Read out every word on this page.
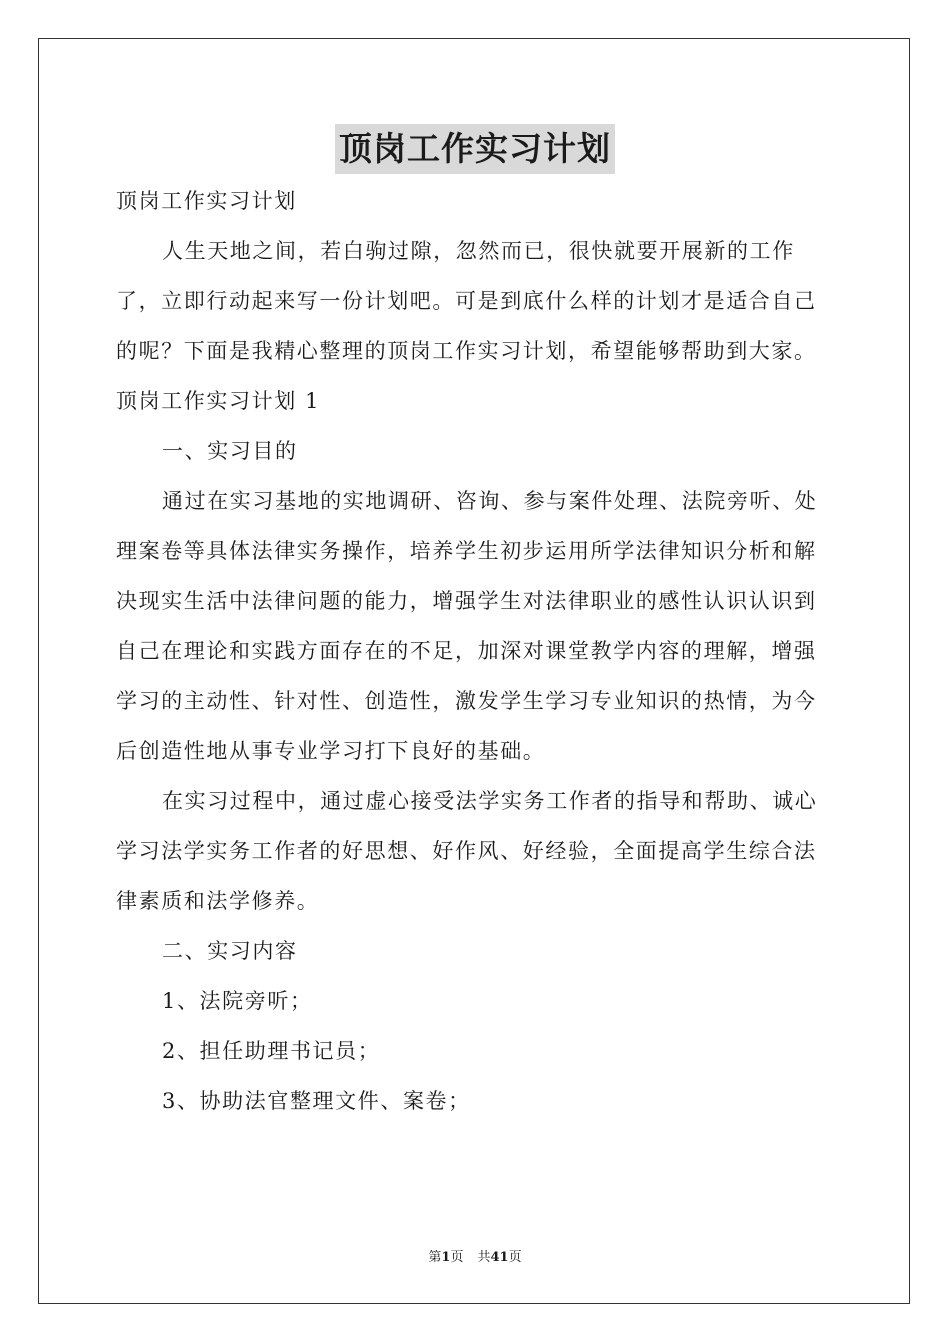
顶岗工作实习计划

顶岗工作实习计划

人生天地之间，若白驹过隙，忽然而已，很快就要开展新的工作了，立即行动起来写一份计划吧。可是到底什么样的计划才是适合自己的呢？下面是我精心整理的顶岗工作实习计划，希望能够帮助到大家。

顶岗工作实习计划 1

一、实习目的

通过在实习基地的实地调研、咨询、参与案件处理、法院旁听、处理案卷等具体法律实务操作，培养学生初步运用所学法律知识分析和解决现实生活中法律问题的能力，增强学生对法律职业的感性认识认识到自己在理论和实践方面存在的不足，加深对课堂教学内容的理解，增强学习的主动性、针对性、创造性，激发学生学习专业知识的热情，为今后创造性地从事专业学习打下良好的基础。

在实习过程中，通过虚心接受法学实务工作者的指导和帮助、诚心学习法学实务工作者的好思想、好作风、好经验，全面提高学生综合法律素质和法学修养。

二、实习内容

1、法院旁听；

2、担任助理书记员；

3、协助法官整理文件、案卷；

第1页 共41页
